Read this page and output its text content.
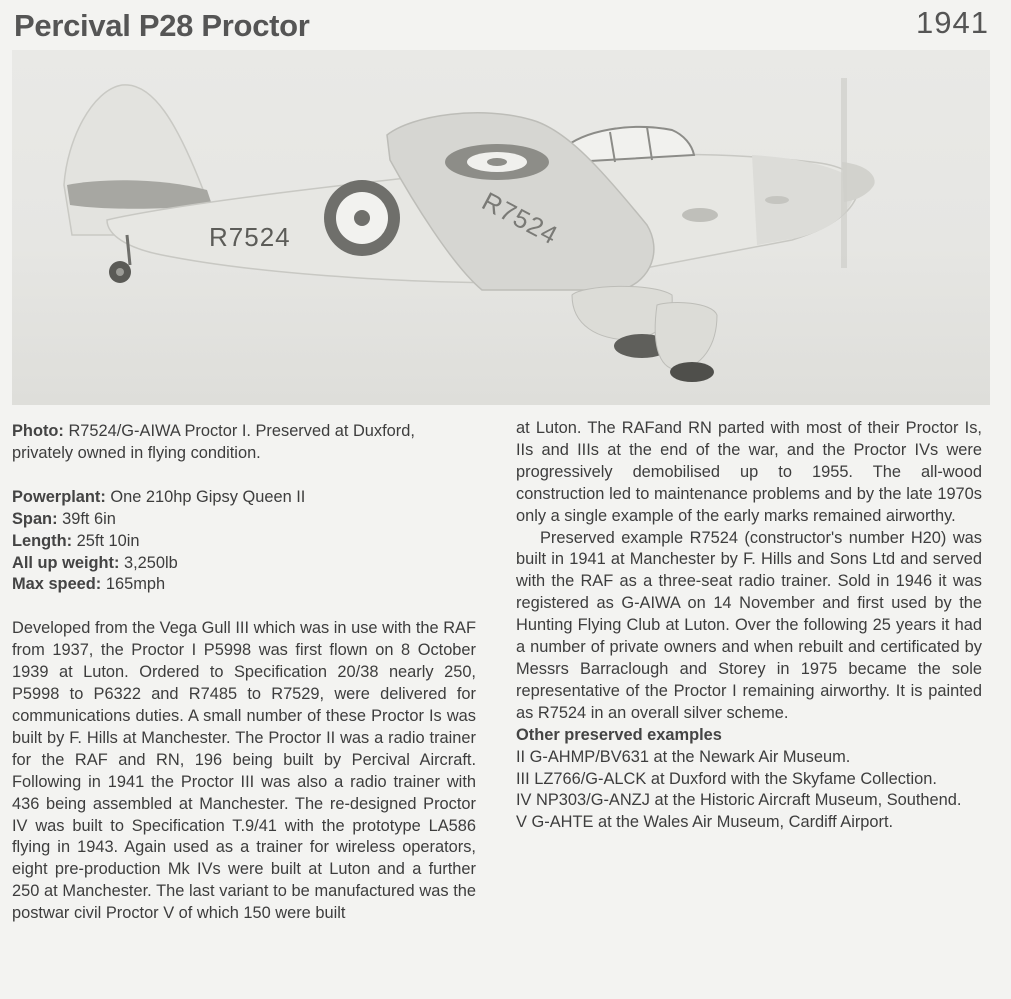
Percival P28 Proctor	1941
R7524	R7524

Photo: R7524/G-AIWA Proctor I. Preserved at Duxford, privately owned in flying condition.

Powerplant: One 210hp Gipsy Queen II

Span: 39ft 6in

Length: 25ft 10in

All up weight: 3,250lb

Max speed: 165mph

Developed from the Vega Gull III which was in use with the RAF from 1937, the Proctor I P5998 was first flown on 8 October 1939 at Luton. Ordered to Specification 20/38 nearly 250, P5998 to P6322 and R7485 to R7529, were delivered for communications duties. A small number of these Proctor Is was built by F. Hills at Manchester. The Proctor II was a radio trainer for the RAF and RN, 196 being built by Percival Aircraft. Following in 1941 the Proctor III was also a radio trainer with 436 being assembled at Manchester. The re-designed Proctor IV was built to Specification T.9/41 with the prototype LA586 flying in 1943. Again used as a trainer for wireless operators, eight pre-production Mk IVs were built at Luton and a further 250 at Manchester. The last variant to be manufactured was the postwar civil Proctor V of which 150 were built

at Luton. The RAFand RN parted with most of their Proctor Is, IIs and IIIs at the end of the war, and the Proctor IVs were progressively demobilised up to 1955. The all-wood construction led to maintenance problems and by the late 1970s only a single example of the early marks remained airworthy.

Preserved example R7524 (constructor's number H20) was built in 1941 at Manchester by F. Hills and Sons Ltd and served with the RAF as a three-seat radio trainer. Sold in 1946 it was registered as G-AIWA on 14 November and first used by the Hunting Flying Club at Luton. Over the following 25 years it had a number of private owners and when rebuilt and certificated by Messrs Barraclough and Storey in 1975 became the sole representative of the Proctor I remaining airworthy. It is painted as R7524 in an overall silver scheme.

Other preserved examples

II G-AHMP/BV631 at the Newark Air Museum.

III LZ766/G-ALCK at Duxford with the Skyfame Collection.

IV NP303/G-ANZJ at the Historic Aircraft Museum, Southend.

V G-AHTE at the Wales Air Museum, Cardiff Airport.
